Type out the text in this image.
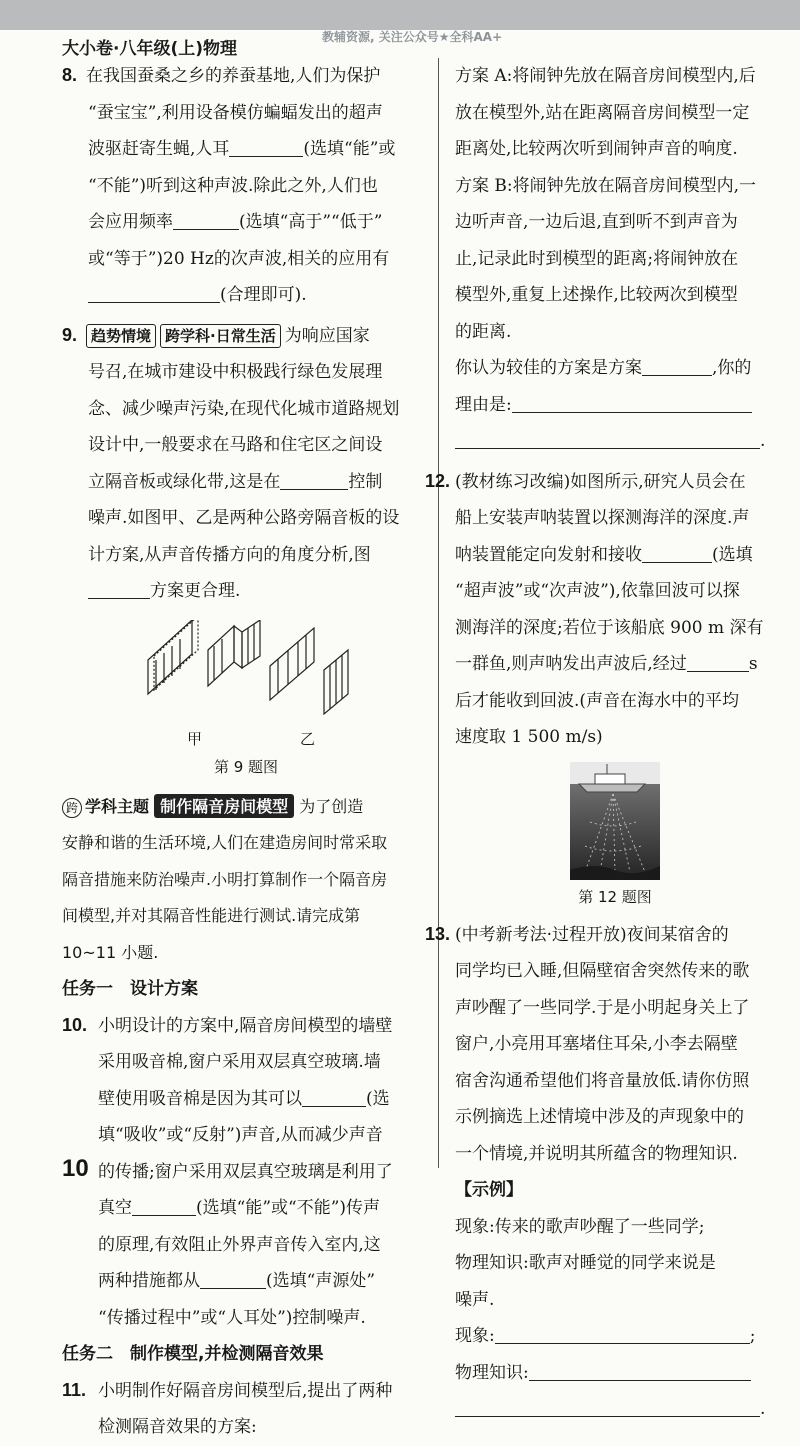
教辅资源, 关注公众号★全科AA+
大小卷·八年级(上)物理
8. 在我国蚕桑之乡的养蚕基地,人们为保护
“蚕宝宝”,利用设备模仿蝙蝠发出的超声
波驱赶寄生蝇,人耳	(选填“能”或
“不能”)听到这种声波.除此之外,人们也
会应用频率	(选填“高于”“低于”
或“等于”)20 Hz的次声波,相关的应用有
(合理即可).
9. 趋势情境 跨学科·日常生活 为响应国家
号召,在城市建设中积极践行绿色发展理
念、减少噪声污染,在现代化城市道路规划
设计中,一般要求在马路和住宅区之间设
立隔音板或绿化带,这是在	控制
噪声.如图甲、乙是两种公路旁隔音板的设
计方案,从声音传播方向的角度分析,图
方案更合理.
甲	乙
第 9 题图
跨 学科主题 制作隔音房间模型 为了创造
安静和谐的生活环境,人们在建造房间时常采取
隔音措施来防治噪声.小明打算制作一个隔音房
间模型,并对其隔音性能进行测试.请完成第
10~11 小题.
任务一　设计方案
10. 小明设计的方案中,隔音房间模型的墙壁
采用吸音棉,窗户采用双层真空玻璃.墙
壁使用吸音棉是因为其可以	(选
填“吸收”或“反射”)声音,从而减少声音
的传播;窗户采用双层真空玻璃是利用了
真空	(选填“能”或“不能”)传声
的原理,有效阻止外界声音传入室内,这
两种措施都从	(选填“声源处”
“传播过程中”或“人耳处”)控制噪声.
任务二　制作模型,并检测隔音效果
11. 小明制作好隔音房间模型后,提出了两种
检测隔音效果的方案:
方案 A:将闹钟先放在隔音房间模型内,后
放在模型外,站在距离隔音房间模型一定
距离处,比较两次听到闹钟声音的响度.
方案 B:将闹钟先放在隔音房间模型内,一
边听声音,一边后退,直到听不到声音为
止,记录此时到模型的距离;将闹钟放在
模型外,重复上述操作,比较两次到模型
的距离.
你认为较佳的方案是方案	,你的
理由是:
.
12. (教材练习改编)如图所示,研究人员会在
船上安装声呐装置以探测海洋的深度.声
呐装置能定向发射和接收	(选填
“超声波”或“次声波”),依靠回波可以探
测海洋的深度;若位于该船底 900 m 深有
一群鱼,则声呐发出声波后,经过	s
后才能收到回波.(声音在海水中的平均
速度取 1 500 m/s)
第 12 题图
13. (中考新考法·过程开放)夜间某宿舍的
同学均已入睡,但隔壁宿舍突然传来的歌
声吵醒了一些同学.于是小明起身关上了
窗户,小亮用耳塞堵住耳朵,小李去隔壁
宿舍沟通希望他们将音量放低.请你仿照
示例摘选上述情境中涉及的声现象中的
一个情境,并说明其所蕴含的物理知识.
【示例】
现象:传来的歌声吵醒了一些同学;
物理知识:歌声对睡觉的同学来说是
噪声.
现象:	;
物理知识:
.
10
